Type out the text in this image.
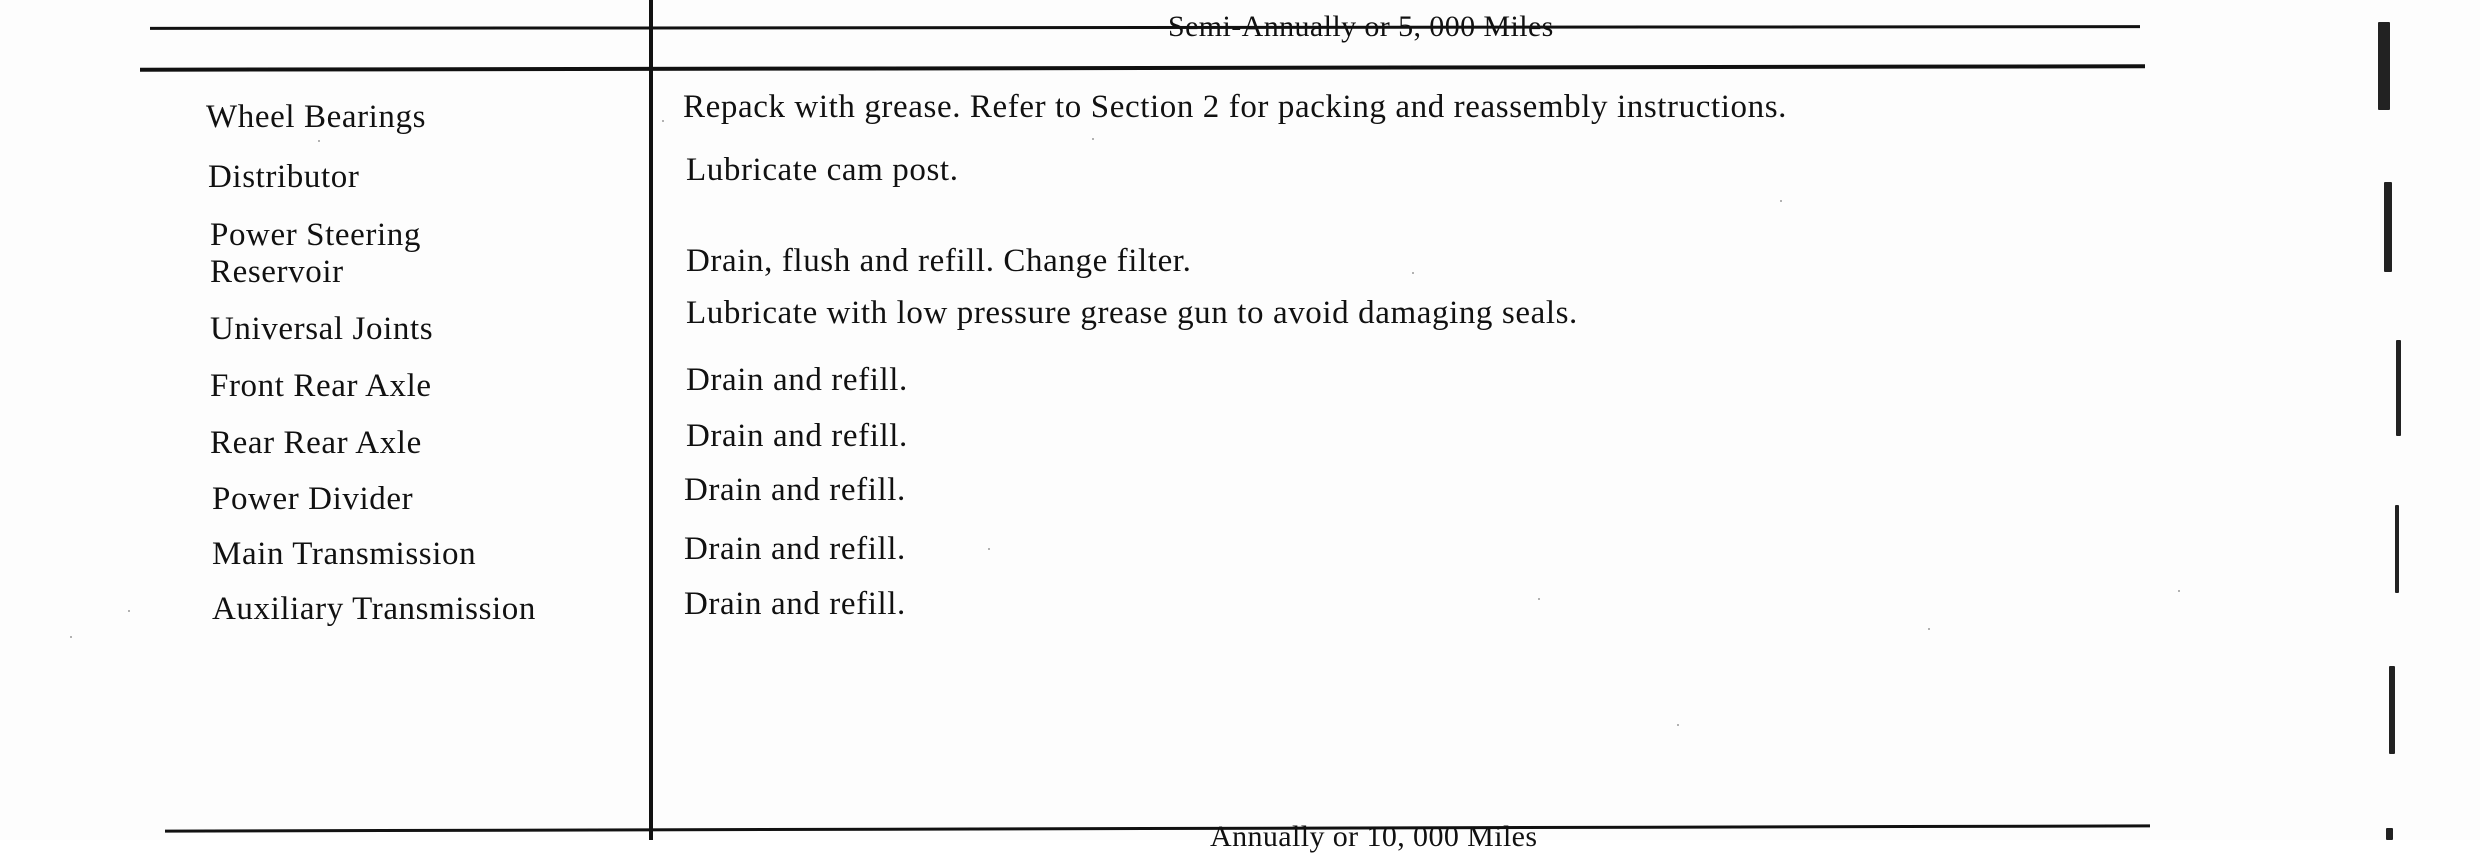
Semi-Annually or 5, 000 Miles
Wheel Bearings
Distributor
Power Steering
Reservoir
Universal Joints
Front Rear Axle
Rear Rear Axle
Power Divider
Main Transmission
Auxiliary Transmission
Repack with grease. Refer to Section 2 for packing and reassembly instructions.
Lubricate cam post.
Drain, flush and refill. Change filter.
Lubricate with low pressure grease gun to avoid damaging seals.
Drain and refill.
Drain and refill.
Drain and refill.
Drain and refill.
Drain and refill.
Annually or 10, 000 Miles
